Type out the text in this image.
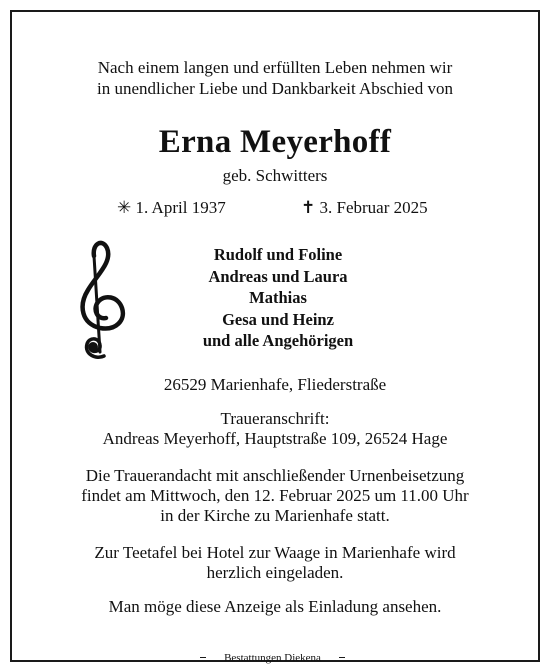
Nach einem langen und erfüllten Leben nehmen wir
in unendlicher Liebe und Dankbarkeit Abschied von
Erna Meyerhoff
geb. Schwitters
✳ 1. April 1937	✝ 3. Februar 2025
Rudolf und Foline
Andreas und Laura
Mathias
Gesa und Heinz
und alle Angehörigen
26529 Marienhafe, Fliederstraße
Traueranschrift:
Andreas Meyerhoff, Hauptstraße 109, 26524 Hage
Die Trauerandacht mit anschließender Urnenbeisetzung
findet am Mittwoch, den 12. Februar 2025 um 11.00 Uhr
in der Kirche zu Marienhafe statt.
Zur Teetafel bei Hotel zur Waage in Marienhafe wird
herzlich eingeladen.
Man möge diese Anzeige als Einladung ansehen.
Bestattungen Diekena
